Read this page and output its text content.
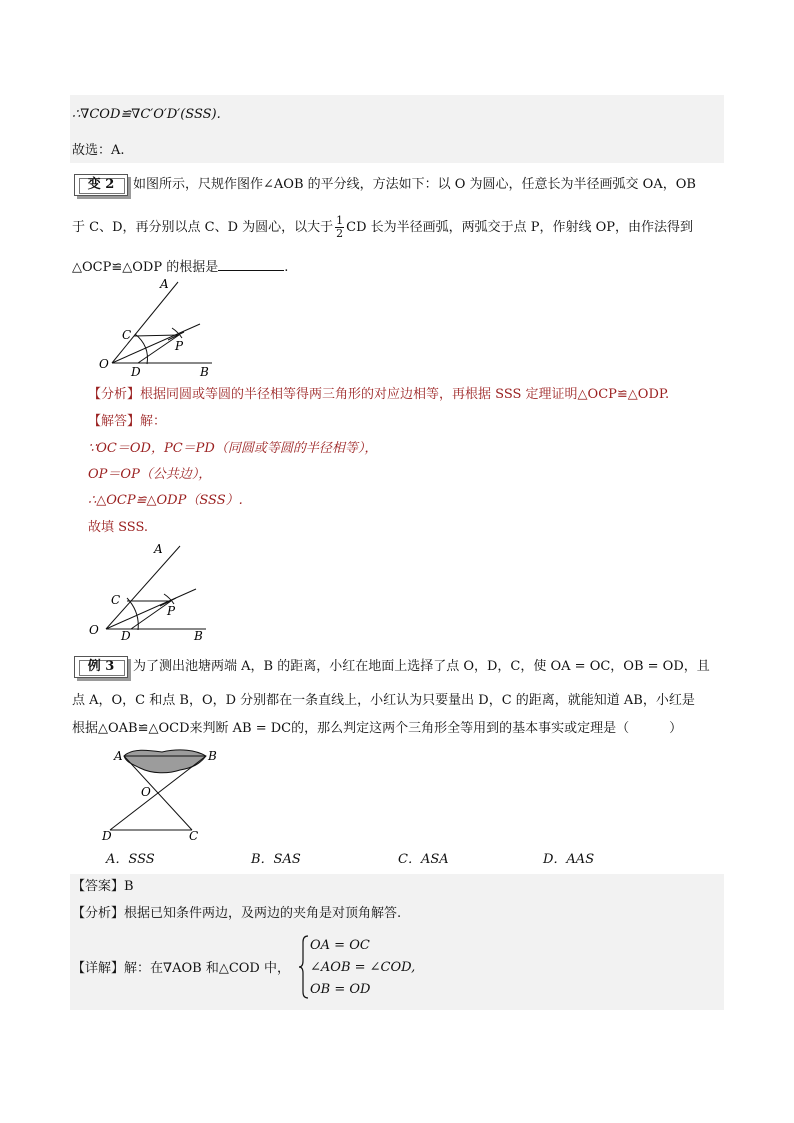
∴∇COD≌∇C′O′D′(SSS).
故选：A.
变 2	如图所示，尺规作图作∠AOB 的平分线，方法如下：以 O 为圆心，任意长为半径画弧交 OA，OB
于 C、D，再分别以点 C、D 为圆心，以大于 $\frac{1}{2}$ CD 长为半径画弧，两弧交于点 P，作射线 OP，由作法得到
△OCP≌△ODP 的根据是	.
A
C
P
O
D	B
【分析】根据同圆或等圆的半径相等得两三角形的对应边相等，再根据 SSS 定理证明△OCP≌△ODP.
【解答】解：
∵OC＝OD，PC＝PD（同圆或等圆的半径相等），
OP＝OP（公共边），
∴△OCP≌△ODP（SSS）.
故填 SSS.
A
C
P
O D	B
例 3	为了测出池塘两端 A，B 的距离，小红在地面上选择了点 O，D，C，使 OA = OC，OB = OD，且
点 A，O，C 和点 B，O，D 分别都在一条直线上，小红认为只要量出 D，C 的距离，就能知道 AB，小红是
根据△OAB≌△OCD来判断 AB = DC的，那么判定这两个三角形全等用到的基本事实或定理是（	）
A	B
O
D	C
A．SSS	B．SAS	C．ASA	D．AAS
【答案】B
【分析】根据已知条件两边，及两边的夹角是对顶角解答.
【详解】解：在∇AOB 和△COD 中，
OA = OC
∠AOB = ∠COD,
OB = OD
